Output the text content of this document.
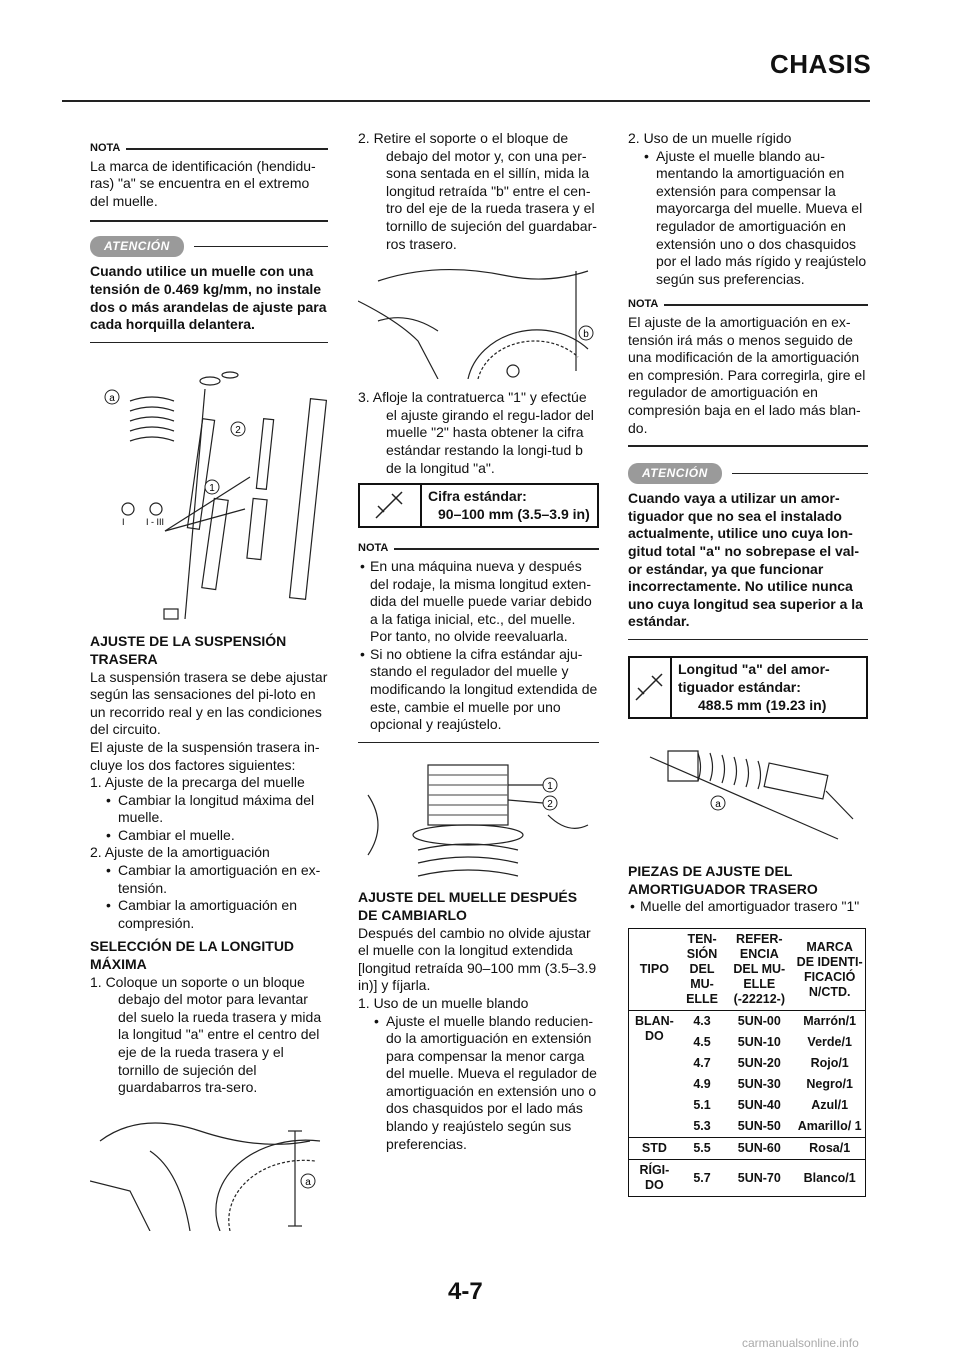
CHASIS
NOTA

La marca de identificación (hendidu-ras) "a" se encuentra en el extremo del muelle.

ATENCIÓN

Cuando utilice un muelle con una tensión de 0.469 kg/mm, no instale dos o más arandelas de ajuste para cada horquilla delantera.

a
2
1
I I - III
AJUSTE DE LA SUSPENSIÓN TRASERA

La suspensión trasera se debe ajustar según las sensaciones del pi-loto en un recorrido real y en las condiciones del circuito.

El ajuste de la suspensión trasera in-cluye los dos factores siguientes:

1. Ajuste de la precarga del muelle

• Cambiar la longitud máxima del muelle.

• Cambiar el muelle.

2. Ajuste de la amortiguación

• Cambiar la amortiguación en ex-tensión.

• Cambiar la amortiguación en compresión.

SELECCIÓN DE LA LONGITUD MÁXIMA

1. Coloque un soporte o un bloque debajo del motor para levantar del suelo la rueda trasera y mida la longitud "a" entre el centro del eje de la rueda trasera y el tornillo de sujeción del guardabarros tra-sero.

a

2. Retire el soporte o el bloque de debajo del motor y, con una per-sona sentada en el sillín, mida la longitud retraída "b" entre el cen-tro del eje de la rueda trasera y el tornillo de sujeción del guardabar-ros trasero.

b

3. Afloje la contratuerca "1" y efectúe el ajuste girando el regu-lador del muelle "2" hasta obtener la cifra estándar restando la longi-tud b de la longitud "a".

Cifra estándar:
90–100 mm (3.5–3.9 in)
NOTA

• En una máquina nueva y después del rodaje, la misma longitud exten-dida del muelle puede variar debido a la fatiga inicial, etc., del muelle. Por tanto, no olvide reevaluarla.

• Si no obtiene la cifra estándar aju-stando el regulador del muelle y modificando la longitud extendida de este, cambie el muelle por uno opcional y reajústelo.

1
2
AJUSTE DEL MUELLE DESPUÉS DE CAMBIARLO

Después del cambio no olvide ajustar el muelle con la longitud extendida [longitud retraída 90–100 mm (3.5–3.9 in)] y fíjarla.

1. Uso de un muelle blando

• Ajuste el muelle blando reducien-do la amortiguación en extensión para compensar la menor carga del muelle. Mueva el regulador de amortiguación en extensión uno o dos chasquidos por el lado más blando y reajústelo según sus preferencias.

2. Uso de un muelle rígido

• Ajuste el muelle blando au-mentando la amortiguación en extensión para compensar la mayorcarga del muelle. Mueva el regulador de amortiguación en extensión uno o dos chasquidos por el lado más rígido y reajústelo según sus preferencias.

NOTA

El ajuste de la amortiguación en ex-tensión irá más o menos seguido de una modificación de la amortiguación en compresión. Para corregirla, gire el regulador de amortiguación en compresión baja en el lado más blan-do.

ATENCIÓN

Cuando vaya a utilizar un amor-tiguador que no sea el instalado actualmente, utilice uno cuya lon-gitud total "a" no sobrepase el val-or estándar, ya que funcionar incorrectamente. No utilice nunca uno cuya longitud sea superior a la estándar.

Longitud "a" del amor-tiguador estándar:
488.5 mm (19.23 in)
a
PIEZAS DE AJUSTE DEL AMORTIGUADOR TRASERO

• Muelle del amortiguador trasero "1"

TIPO	TEN-SIÓN DEL MU-ELLE	REFER-ENCIA DEL MU-ELLE (-22212-)	MARCA DE IDENTI-FICACIÓ N/CTD.
BLAN-DO	4.3	5UN-00	Marrón/1
	4.5	5UN-10	Verde/1
	4.7	5UN-20	Rojo/1
	4.9	5UN-30	Negro/1
	5.1	5UN-40	Azul/1
	5.3	5UN-50	Amarillo/ 1
STD	5.5	5UN-60	Rosa/1
RÍGI-DO	5.7	5UN-70	Blanco/1
4-7
carmanualsonline.info
